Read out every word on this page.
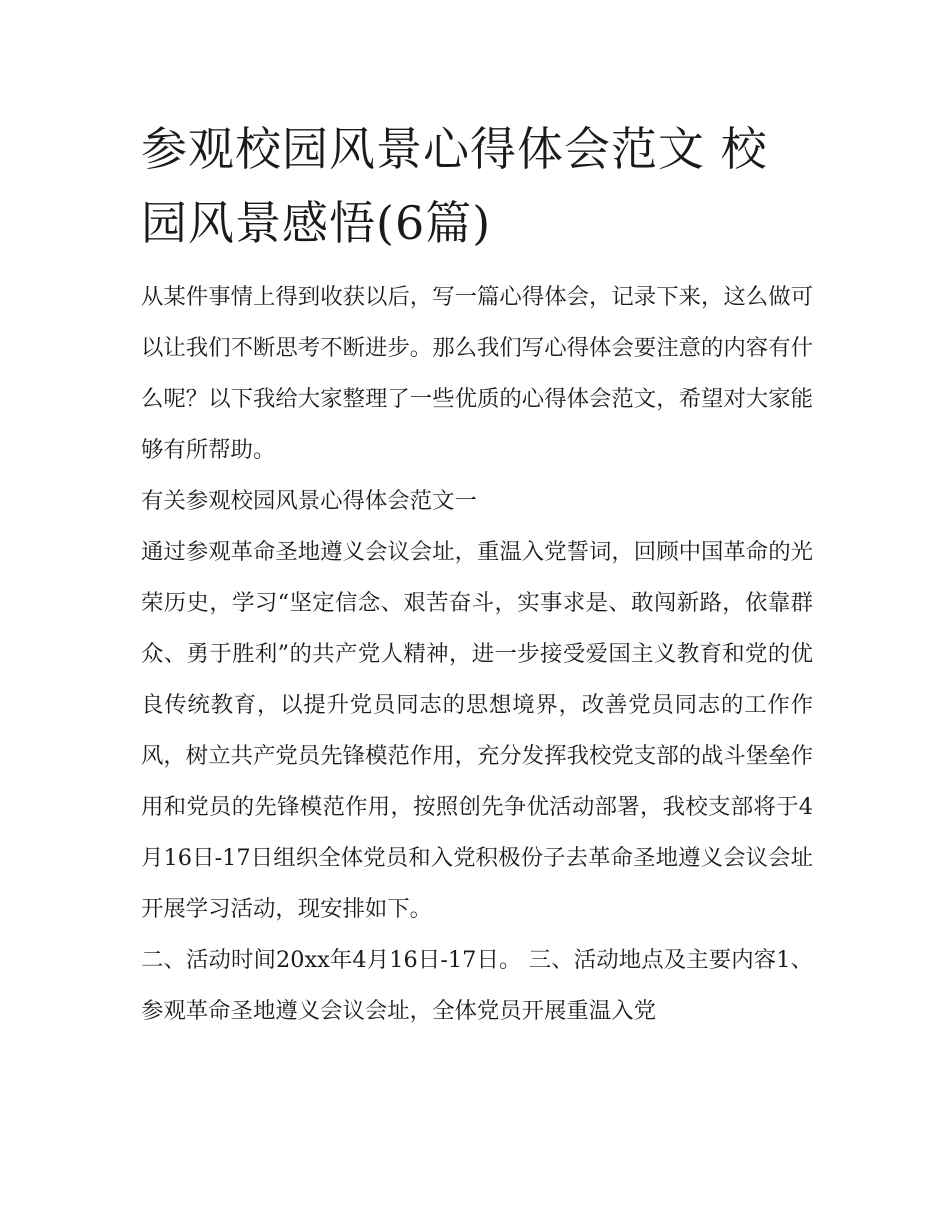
参观校园风景心得体会范文 校园风景感悟(6篇)

从某件事情上得到收获以后，写一篇心得体会，记录下来，这么做可以让我们不断思考不断进步。那么我们写心得体会要注意的内容有什么呢？以下我给大家整理了一些优质的心得体会范文，希望对大家能够有所帮助。

有关参观校园风景心得体会范文一

通过参观革命圣地遵义会议会址，重温入党誓词，回顾中国革命的光荣历史，学习“坚定信念、艰苦奋斗，实事求是、敢闯新路，依靠群众、勇于胜利”的共产党人精神，进一步接受爱国主义教育和党的优良传统教育，以提升党员同志的思想境界，改善党员同志的工作作风，树立共产党员先锋模范作用，充分发挥我校党支部的战斗堡垒作用和党员的先锋模范作用，按照创先争优活动部署，我校支部将于4月16日-17日组织全体党员和入党积极份子去革命圣地遵义会议会址开展学习活动，现安排如下。

二、活动时间20xx年4月16日-17日。 三、活动地点及主要内容1、参观革命圣地遵义会议会址，全体党员开展重温入党
